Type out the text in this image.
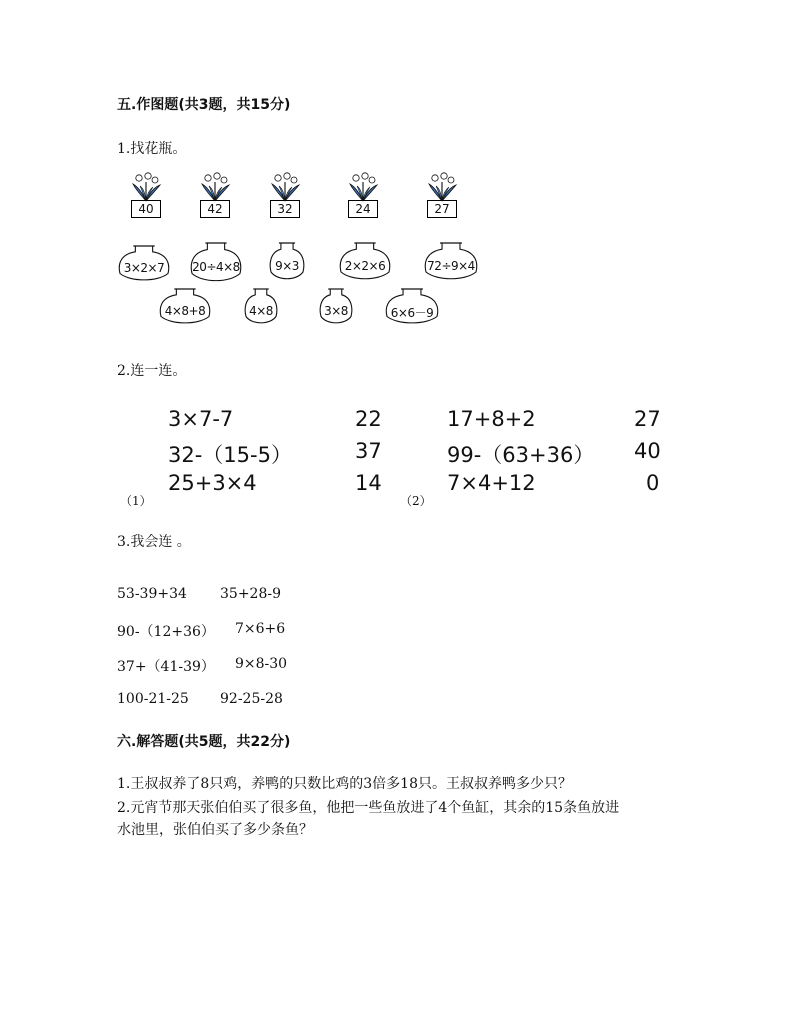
五.作图题(共3题，共15分)
1.找花瓶。
40	42	32	24	27
3×2×7	20÷4×8	9×3	2×2×6	72÷9×4
4×8+8	4×8	3×8	6×6－9
2.连一连。
3×7-7
32-（15-5）
25+3×4
22
37
14
（1）
17+8+2
99-（63+36）
7×4+12
27
40
0
（2）
3.我会连 。
53-39+34 35+28-9
90-（12+36） 7×6+6
37+（41-39） 9×8-30
100-21-25 92-25-28
六.解答题(共5题，共22分)
1.王叔叔养了8只鸡，养鸭的只数比鸡的3倍多18只。王叔叔养鸭多少只？
2.元宵节那天张伯伯买了很多鱼，他把一些鱼放进了4个鱼缸，其余的15条鱼放进
水池里，张伯伯买了多少条鱼？
